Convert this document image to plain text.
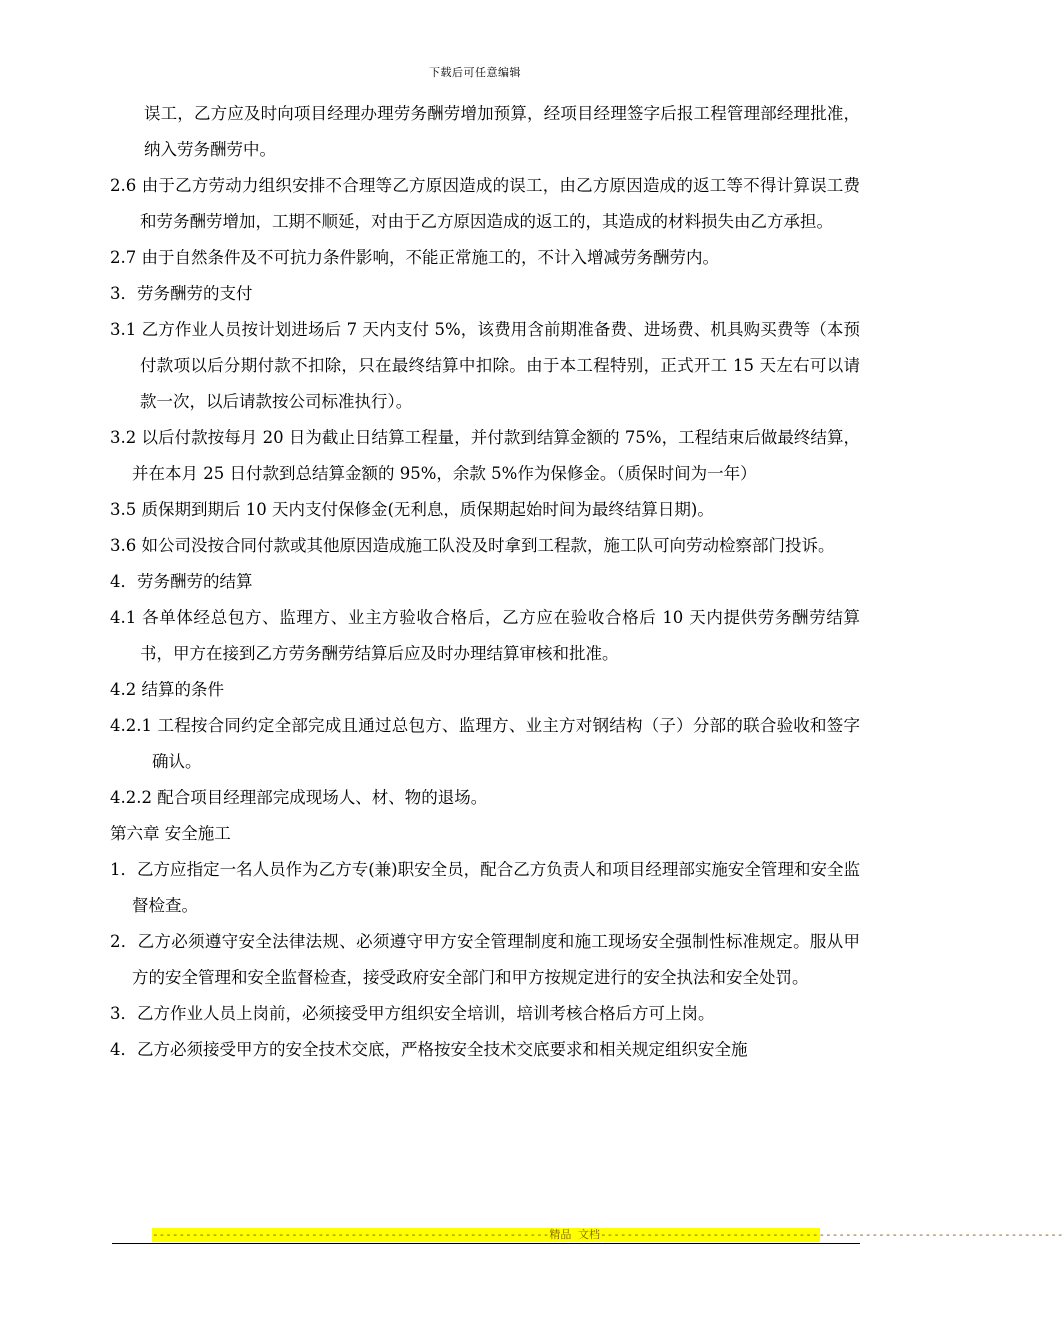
下载后可任意编辑

误工，乙方应及时向项目经理办理劳务酬劳增加预算，经项目经理签字后报工程管理部经理批准，纳入劳务酬劳中。

2.6 由于乙方劳动力组织安排不合理等乙方原因造成的误工，由乙方原因造成的返工等不得计算误工费和劳务酬劳增加，工期不顺延，对由于乙方原因造成的返工的，其造成的材料损失由乙方承担。

2.7 由于自然条件及不可抗力条件影响，不能正常施工的，不计入增减劳务酬劳内。

3．劳务酬劳的支付

3.1 乙方作业人员按计划进场后 7 天内支付 5%，该费用含前期准备费、进场费、机具购买费等（本预付款项以后分期付款不扣除，只在最终结算中扣除。由于本工程特别，正式开工 15 天左右可以请款一次，以后请款按公司标准执行）。

3.2 以后付款按每月 20 日为截止日结算工程量，并付款到结算金额的 75%，工程结束后做最终结算，并在本月 25 日付款到总结算金额的 95%，余款 5%作为保修金。（质保时间为一年）

3.5 质保期到期后 10 天内支付保修金(无利息，质保期起始时间为最终结算日期)。

3.6 如公司没按合同付款或其他原因造成施工队没及时拿到工程款，施工队可向劳动检察部门投诉。

4．劳务酬劳的结算

4.1 各单体经总包方、监理方、业主方验收合格后，乙方应在验收合格后 10 天内提供劳务酬劳结算书，甲方在接到乙方劳务酬劳结算后应及时办理结算审核和批准。

4.2 结算的条件

4.2.1 工程按合同约定全部完成且通过总包方、监理方、业主方对钢结构（子）分部的联合验收和签字确认。

4.2.2 配合项目经理部完成现场人、材、物的退场。

第六章 安全施工

1．乙方应指定一名人员作为乙方专(兼)职安全员，配合乙方负责人和项目经理部实施安全管理和安全监督检查。

2．乙方必须遵守安全法律法规、必须遵守甲方安全管理制度和施工现场安全强制性标准规定。服从甲方的安全管理和安全监督检查，接受政府安全部门和甲方按规定进行的安全执法和安全处罚。

3．乙方作业人员上岗前，必须接受甲方组织安全培训，培训考核合格后方可上岗。

4．乙方必须接受甲方的安全技术交底，严格按安全技术交底要求和相关规定组织安全施

------------------------------------------------------------精品 文档----------------------------------------------------------------------
